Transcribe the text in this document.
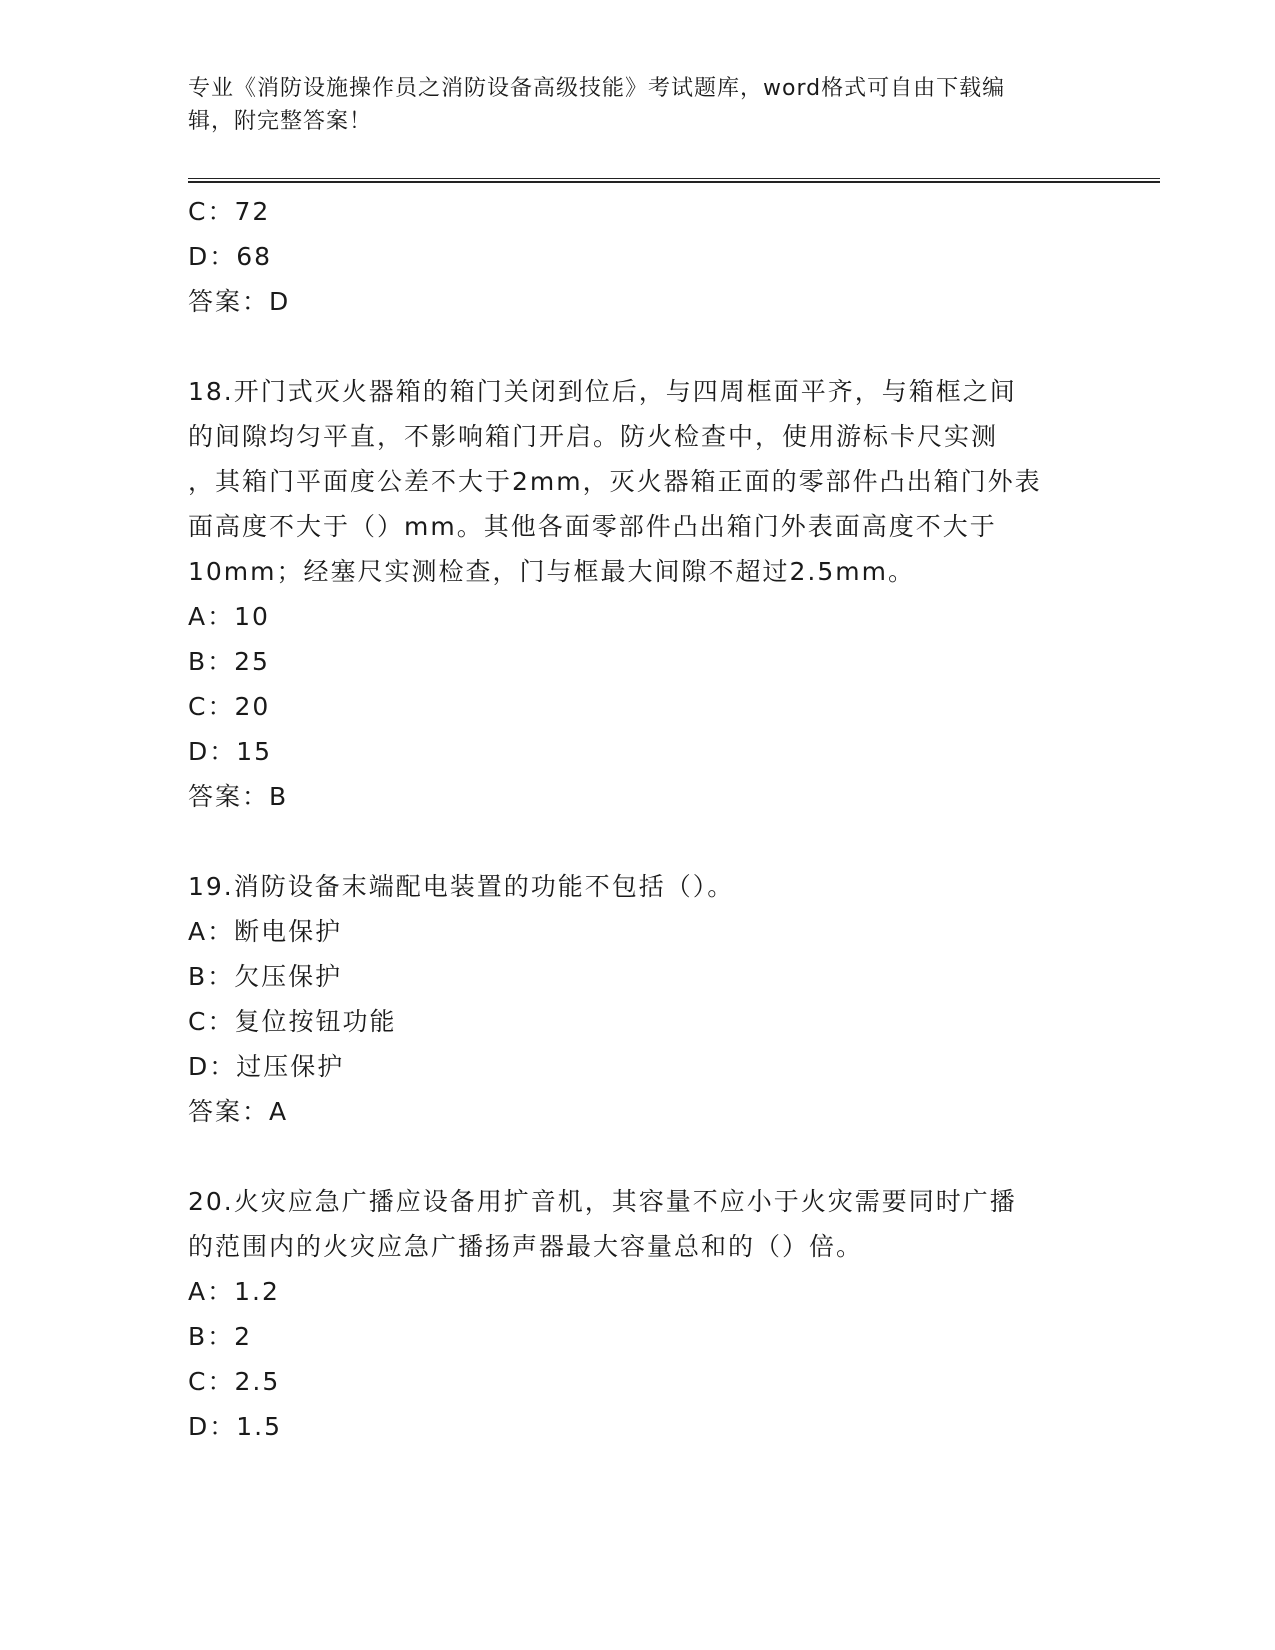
专业《消防设施操作员之消防设备高级技能》考试题库，word格式可自由下载编
辑，附完整答案！
C：72
D：68
答案：D
18.开门式灭火器箱的箱门关闭到位后，与四周框面平齐，与箱框之间
的间隙均匀平直，不影响箱门开启。防火检查中，使用游标卡尺实测
，其箱门平面度公差不大于2mm，灭火器箱正面的零部件凸出箱门外表
面高度不大于（）mm。其他各面零部件凸出箱门外表面高度不大于
10mm；经塞尺实测检查，门与框最大间隙不超过2.5mm。
A：10
B：25
C：20
D：15
答案：B
19.消防设备末端配电装置的功能不包括（）。
A：断电保护
B：欠压保护
C：复位按钮功能
D：过压保护
答案：A
20.火灾应急广播应设备用扩音机，其容量不应小于火灾需要同时广播
的范围内的火灾应急广播扬声器最大容量总和的（）倍。
A：1.2
B：2
C：2.5
D：1.5
